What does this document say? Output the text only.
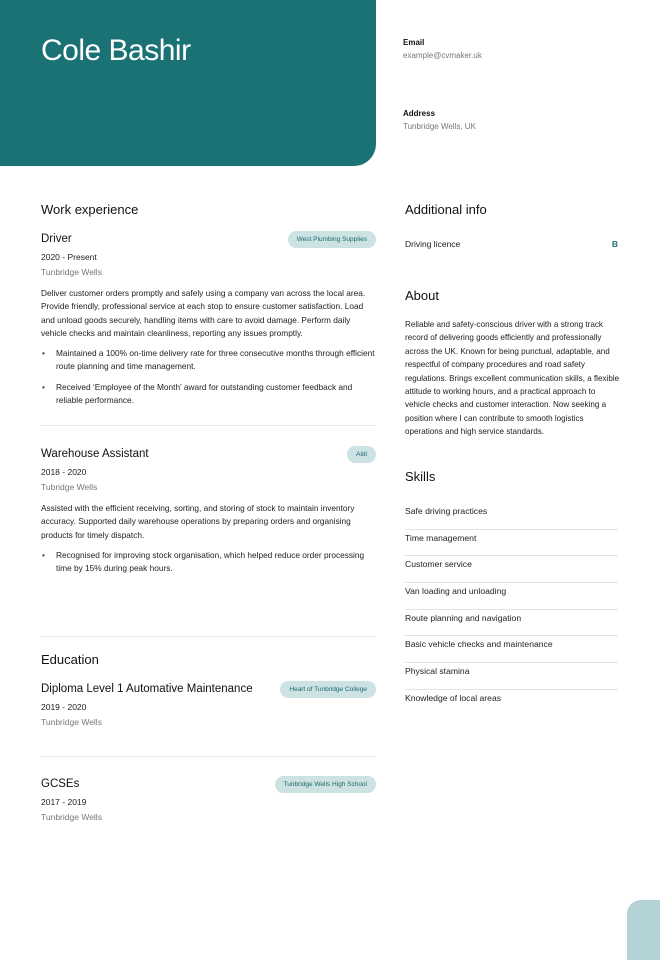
Cole Bashir	Email
example@cvmaker.uk
Address
Tunbridge Wells, UK
Work experience
Driver	West Plumbing Supplies
2020 - Present
Tunbridge Wells
Deliver customer orders promptly and safely using a company van across the local area. Provide friendly, professional service at each stop to ensure customer satisfaction. Load and unload goods securely, handling items with care to avoid damage. Perform daily vehicle checks and maintain cleanliness, reporting any issues promptly.
• Maintained a 100% on-time delivery rate for three consecutive months through efficient route planning and time management.
• Received ‘Employee of the Month’ award for outstanding customer feedback and reliable performance.
Warehouse Assistant	Aldi
2018 - 2020
Tubridge Wells
Assisted with the efficient receiving, sorting, and storing of stock to maintain inventory accuracy. Supported daily warehouse operations by preparing orders and organising products for timely dispatch.
• Recognised for improving stock organisation, which helped reduce order processing time by 15% during peak hours.
Education
Diploma Level 1 Automative Maintenance	Heart of Tunbridge College
2019 - 2020
Tunbridge Wells
GCSEs	Tunbridge Wells High School
2017 - 2019
Tunbridge Wells
Additional info
Driving licence	B
About
Reliable and safety-conscious driver with a strong track record of delivering goods efficiently and professionally across the UK. Known for being punctual, adaptable, and respectful of company procedures and road safety regulations. Brings excellent communication skills, a flexible attitude to working hours, and a practical approach to vehicle checks and customer interaction. Now seeking a position where I can contribute to smooth logistics operations and high service standards.
Skills
Safe driving practices
Time management
Customer service
Van loading and unloading
Route planning and navigation
Basic vehicle checks and maintenance
Physical stamina
Knowledge of local areas
